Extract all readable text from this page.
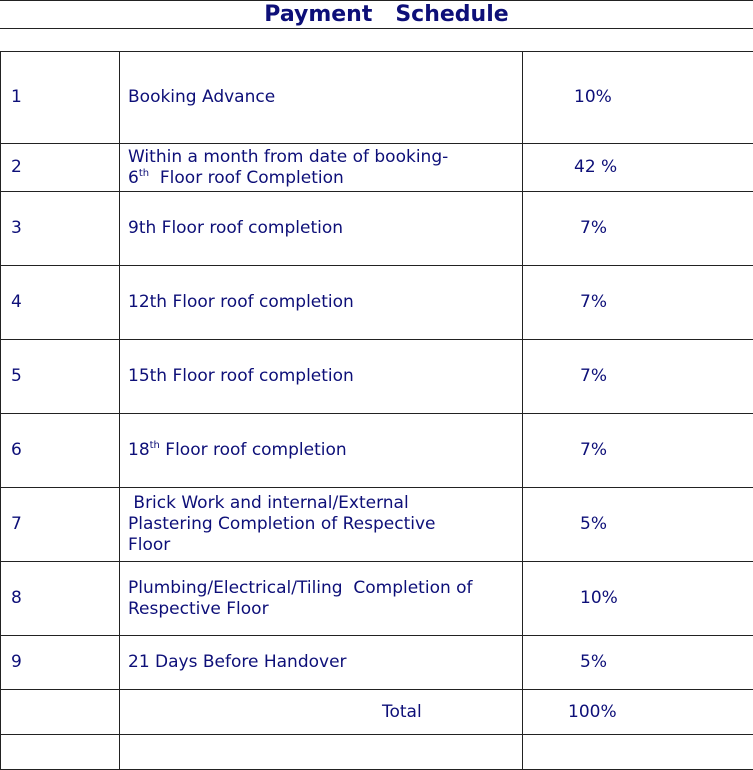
Payment   Schedule
1	Booking Advance	10%
2	Within a month from date of booking-
6th  Floor roof Completion	42 %
3	9th Floor roof completion	7%
4	12th Floor roof completion	7%
5	15th Floor roof completion	7%
6	18th Floor roof completion	7%
7	Brick Work and internal/External
Plastering Completion of Respective
Floor	5%
8	Plumbing/Electrical/Tiling  Completion of
Respective Floor	10%
9	21 Days Before Handover	5%

	Total	100%
